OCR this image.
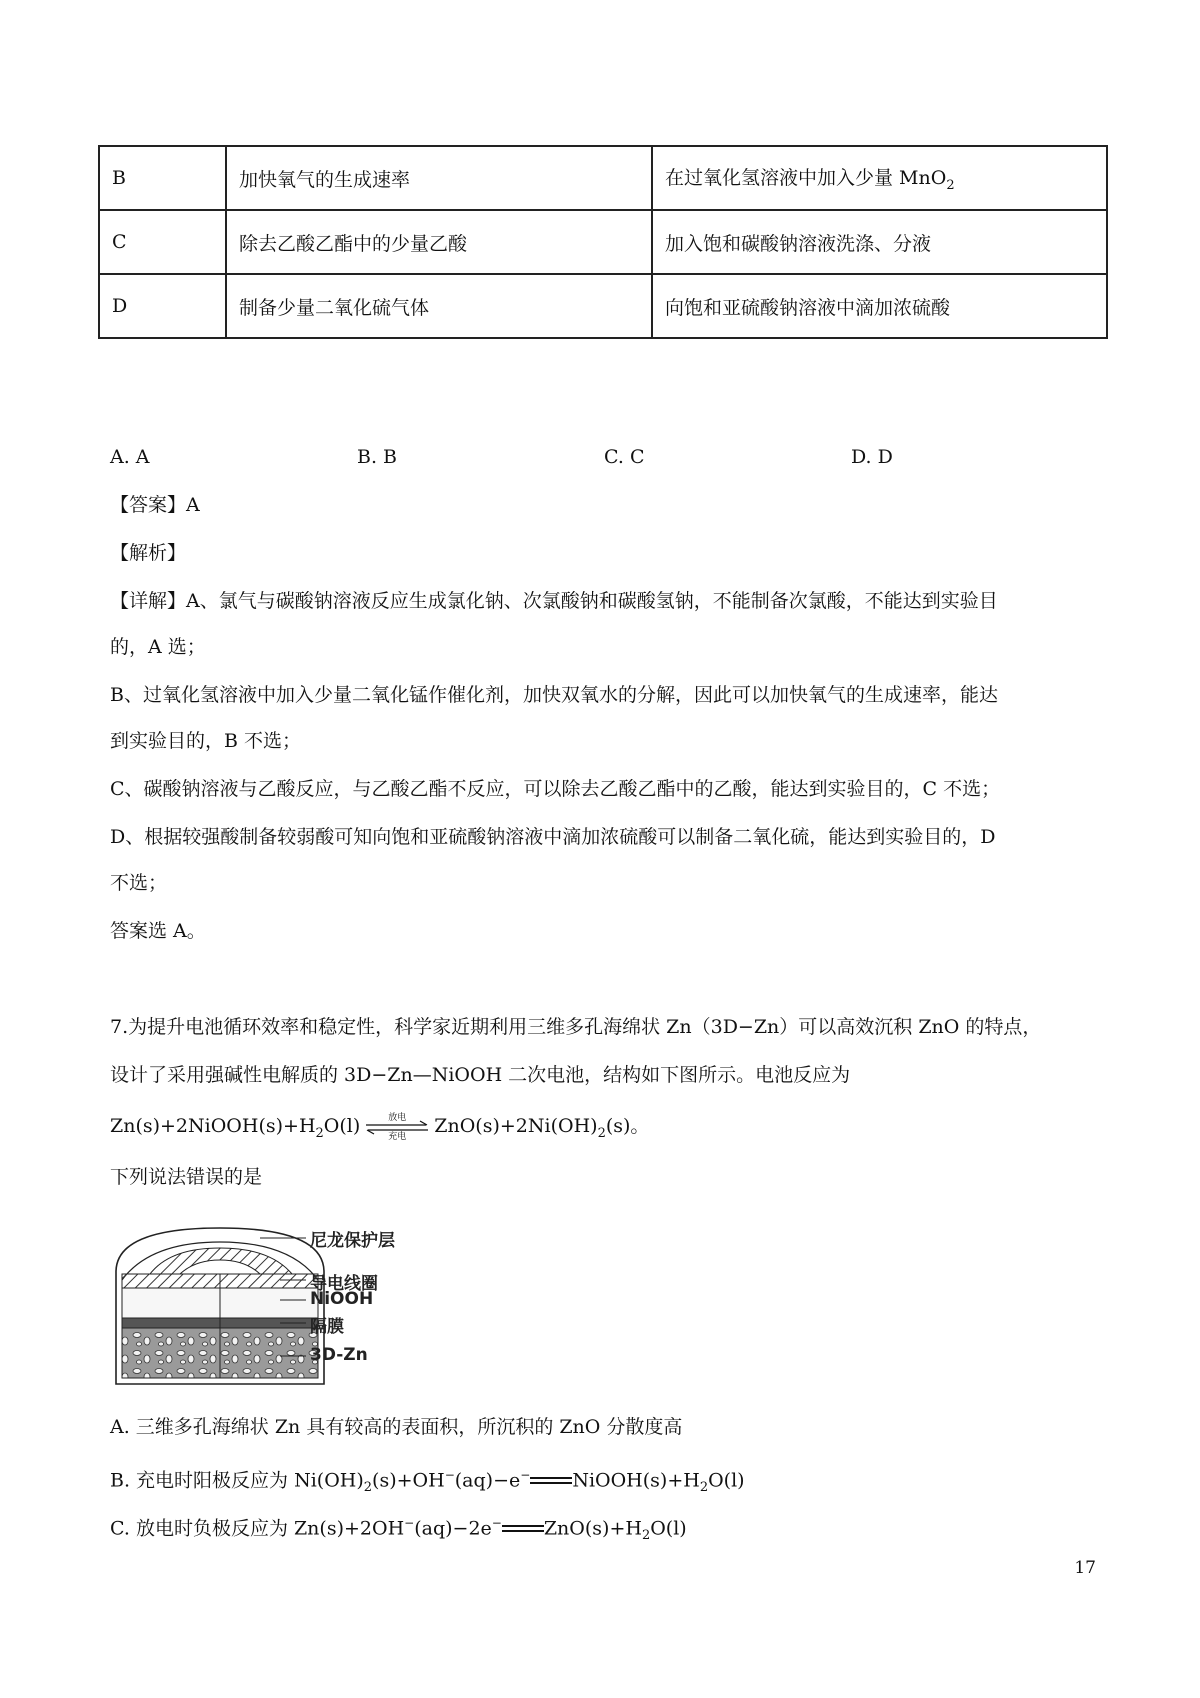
B	加快氧气的生成速率	在过氧化氢溶液中加入少量 MnO$_2$
C	除去乙酸乙酯中的少量乙酸	加入饱和碳酸钠溶液洗涤、分液
D	制备少量二氧化硫气体	向饱和亚硫酸钠溶液中滴加浓硫酸
A. A	B. B	C. C	D. D
【答案】A
【解析】
【详解】A、氯气与碳酸钠溶液反应生成氯化钠、次氯酸钠和碳酸氢钠，不能制备次氯酸，不能达到实验目
的，A 选；
B、过氧化氢溶液中加入少量二氧化锰作催化剂，加快双氧水的分解，因此可以加快氧气的生成速率，能达
到实验目的，B 不选；
C、碳酸钠溶液与乙酸反应，与乙酸乙酯不反应，可以除去乙酸乙酯中的乙酸，能达到实验目的，C 不选；
D、根据较强酸制备较弱酸可知向饱和亚硫酸钠溶液中滴加浓硫酸可以制备二氧化硫，能达到实验目的，D
不选；
答案选 A。
7.为提升电池循环效率和稳定性，科学家近期利用三维多孔海绵状 Zn（3D−Zn）可以高效沉积 ZnO 的特点，
设计了采用强碱性电解质的 3D−Zn—NiOOH 二次电池，结构如下图所示。电池反应为
$Zn(s)+2NiOOH(s)+H_2O(l)$	放电
充电	$ZnO(s)+2Ni(OH)_2(s)$。
下列说法错误的是
尼龙保护层
导电线圈
NiOOH
隔膜
3D-Zn
A. 三维多孔海绵状 Zn 具有较高的表面积，所沉积的 ZnO 分散度高
B. 充电时阳极反应为 $Ni(OH)_2(s)+OH^-(aq)-e^-$ $NiOOH(s)+H_2O(l)$
C. 放电时负极反应为 Zn(s)+2OH−(aq)−2e− $ZnO(s)+H_2O(l)$
17
